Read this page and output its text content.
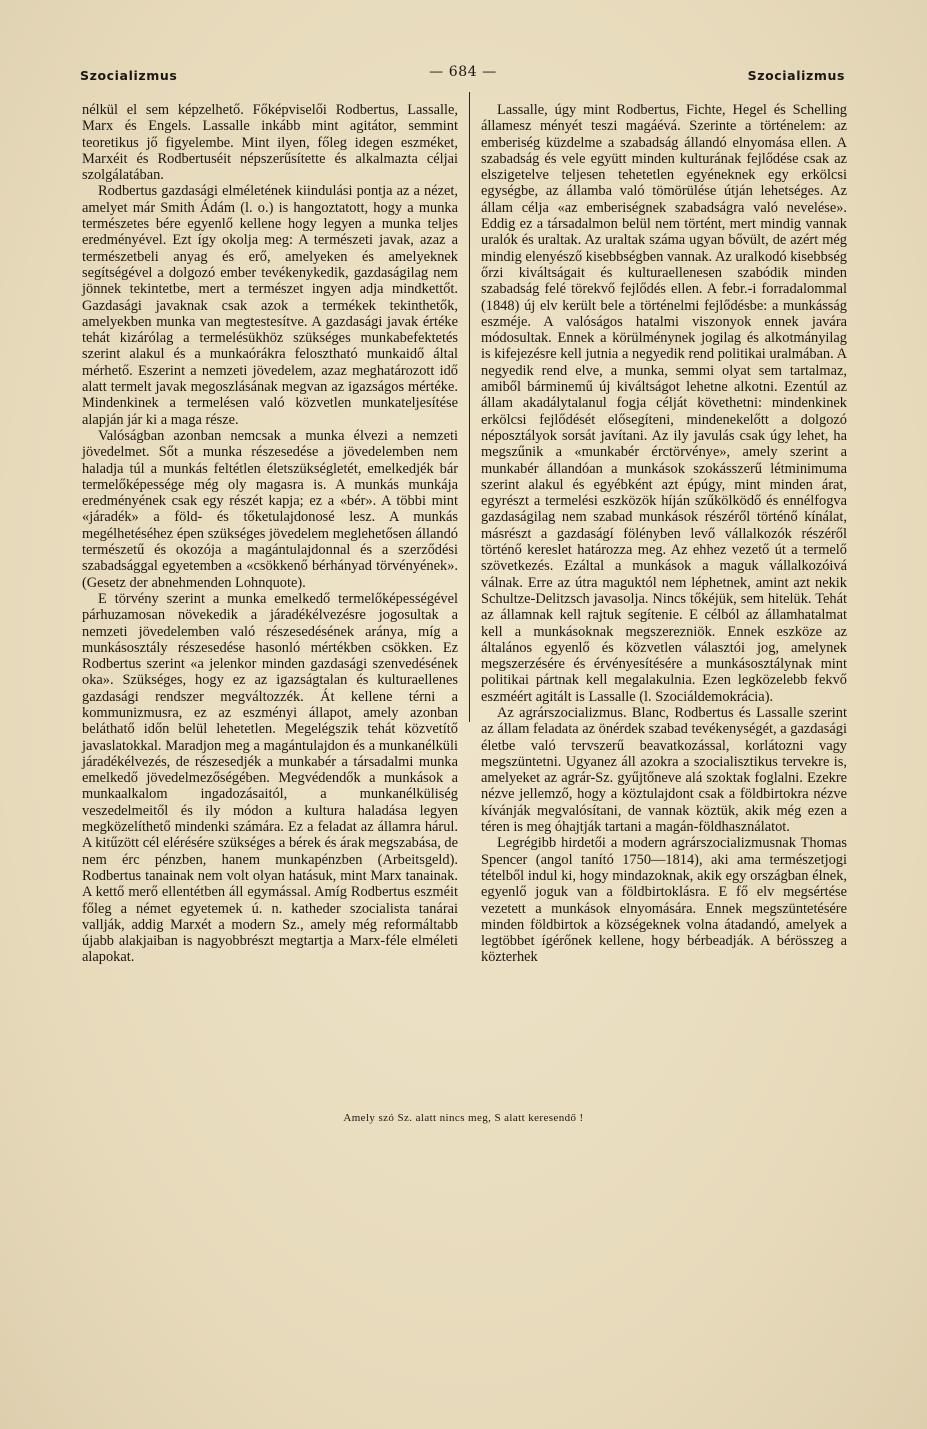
Szocializmus	— 684 —	Szocializmus

nélkül el sem képzelhető. Főképviselői Rodbertus, Lassalle, Marx és Engels. Lassalle inkább mint agitátor, semmint teoretikus jő figyelembe. Mint ilyen, főleg idegen eszméket, Marxéit és Rodbertuséit népszerűsítette és alkalmazta céljai szolgálatában.

Rodbertus gazdasági elméletének kiindulási pontja az a nézet, amelyet már Smith Ádám (l. o.) is hangoztatott, hogy a munka természetes bére egyenlő kellene hogy legyen a munka teljes eredményével. Ezt így okolja meg: A természeti javak, azaz a természetbeli anyag és erő, amelyeken és amelyeknek segítségével a dolgozó ember tevékenykedik, gazdaságilag nem jönnek tekintetbe, mert a természet ingyen adja mindkettőt. Gazdasági javaknak csak azok a termékek tekinthetők, amelyekben munka van megtestesítve. A gazdasági javak értéke tehát kizárólag a termelésükhöz szükséges munkabefektetés szerint alakul és a munkaórákra felosztható munkaidő által mérhető. Eszerint a nemzeti jövedelem, azaz meghatározott idő alatt termelt javak megoszlásának megvan az igazságos mértéke. Mindenkinek a termelésen való közvetlen munkateljesítése alapján jár ki a maga része.

Valóságban azonban nemcsak a munka élvezi a nemzeti jövedelmet. Sőt a munka részesedése a jövedelemben nem haladja túl a munkás feltétlen életszükségletét, emelkedjék bár termelőképessége még oly magasra is. A munkás munkája eredményének csak egy részét kapja; ez a «bér». A többi mint «járadék» a föld- és tőketulajdonosé lesz. A munkás megélhetéséhez épen szükséges jövedelem meglehetősen állandó természetű és okozója a magántulajdonnal és a szerződési szabadsággal egyetemben a «csökkenő bérhányad törvényének». (Gesetz der abnehmenden Lohnquote).

E törvény szerint a munka emelkedő termelőképességével párhuzamosan növekedik a járadékélvezésre jogosultak a nemzeti jövedelemben való részesedésének aránya, míg a munkásosztály részesedése hasonló mértékben csökken. Ez Rodbertus szerint «a jelenkor minden gazdasági szenvedésének oka». Szükséges, hogy ez az igazságtalan és kulturaellenes gazdasági rendszer megváltozzék. Át kellene térni a kommunizmusra, ez az eszményi állapot, amely azonban beláthatő időn belül lehetetlen. Megelégszik tehát közvetítő javaslatokkal. Maradjon meg a magántulajdon és a munkanélküli járadékélvezés, de részesedjék a munkabér a társadalmi munka emelkedő jövedelmezőségében. Megvédendők a munkások a munkaalkalom ingadozásaitól, a munkanélküliség veszedelmeitől és ily módon a kultura haladása legyen megközelíthető mindenki számára. Ez a feladat az államra hárul. A kitűzött cél elérésére szükséges a bérek és árak megszabása, de nem érc pénzben, hanem munkapénzben (Arbeitsgeld). Rodbertus tanainak nem volt olyan hatásuk, mint Marx tanainak. A kettő merő ellentétben áll egymással. Amíg Rodbertus eszméit főleg a német egyetemek ú. n. katheder szocialista tanárai vallják, addig Marxét a modern Sz., amely még reformáltabb újabb alakjaiban is nagyobbrészt megtartja a Marx-féle elméleti alapokat.

Lassalle, úgy mint Rodbertus, Fichte, Hegel és Schelling államesz ményét teszi magáévá. Szerinte a történelem: az emberiség küzdelme a szabadság állandó elnyomása ellen. A szabadság és vele együtt minden kulturának fejlődése csak az elszigetelve teljesen tehetetlen egyéneknek egy erkölcsi egységbe, az államba való tömörülése útján lehetséges. Az állam célja «az emberiségnek szabadságra való nevelése». Eddig ez a társadalmon belül nem történt, mert mindig vannak uralók és uraltak. Az uraltak száma ugyan bővült, de azért még mindig elenyésző kisebbségben vannak. Az uralkodó kisebbség őrzi kiváltságait és kulturaellenesen szabódik minden szabadság felé törekvő fejlődés ellen. A febr.-i forradalommal (1848) új elv került bele a történelmi fejlődésbe: a munkásság eszméje. A valóságos hatalmi viszonyok ennek javára módosultak. Ennek a körülménynek jogilag és alkotmányilag is kifejezésre kell jutnia a negyedik rend politikai uralmában. A negyedik rend elve, a munka, semmi olyat sem tartalmaz, amiből bárminemű új kiváltságot lehetne alkotni. Ezentúl az állam akadálytalanul fogja célját követhetni: mindenkinek erkölcsi fejlődését elősegíteni, mindenekelőtt a dolgozó néposztályok sorsát javítani. Az ily javulás csak úgy lehet, ha megszűnik a «munkabér érctörvénye», amely szerint a munkabér állandóan a munkások szokásszerű létminimuma szerint alakul és egyébként azt épúgy, mint minden árat, egyrészt a termelési eszközök híján szűkölködő és ennélfogva gazdaságilag nem szabad munkások részéről történő kínálat, másrészt a gazdaságí fölényben levő vállalkozók részéről történő kereslet határozza meg. Az ehhez vezető út a termelő szövetkezés. Ezáltal a munkások a maguk vállalkozóivá válnak. Erre az útra maguktól nem léphetnek, amint azt nekik Schultze-Delitzsch javasolja. Nincs tőkéjük, sem hitelük. Tehát az államnak kell rajtuk segítenie. E célból az államhatalmat kell a munkásoknak megszerezniök. Ennek eszköze az általános egyenlő és közvetlen választói jog, amelynek megszerzésére és érvényesítésére a munkásosztálynak mint politikai pártnak kell megalakulnia. Ezen legközelebb fekvő eszméért agitált is Lassalle (l. Szociáldemokrácia).

Az agrárszocializmus. Blanc, Rodbertus és Lassalle szerint az állam feladata az önérdek szabad tevékenységét, a gazdasági életbe való tervszerű beavatkozással, korlátozni vagy megszüntetni. Ugyanez áll azokra a szocialisztikus tervekre is, amelyeket az agrár-Sz. gyűjtőneve alá szoktak foglalni. Ezekre nézve jellemző, hogy a köztulajdont csak a földbirtokra nézve kívánják megvalósítani, de vannak köztük, akik még ezen a téren is meg óhajtják tartani a magán-földhasználatot.

Legrégibb hirdetői a modern agrárszocializmusnak Thomas Spencer (angol tanító 1750—1814), aki ama természetjogi tételből indul ki, hogy mindazoknak, akik egy országban élnek, egyenlő joguk van a földbirtoklásra. E fő elv megsértése vezetett a munkások elnyomására. Ennek megszüntetésére minden földbirtok a községeknek volna átadandó, amelyek a legtöbbet ígérőnek kellene, hogy bérbeadják. A bérösszeg a közterhek

Amely szó Sz. alatt nincs meg, S alatt keresendő !
